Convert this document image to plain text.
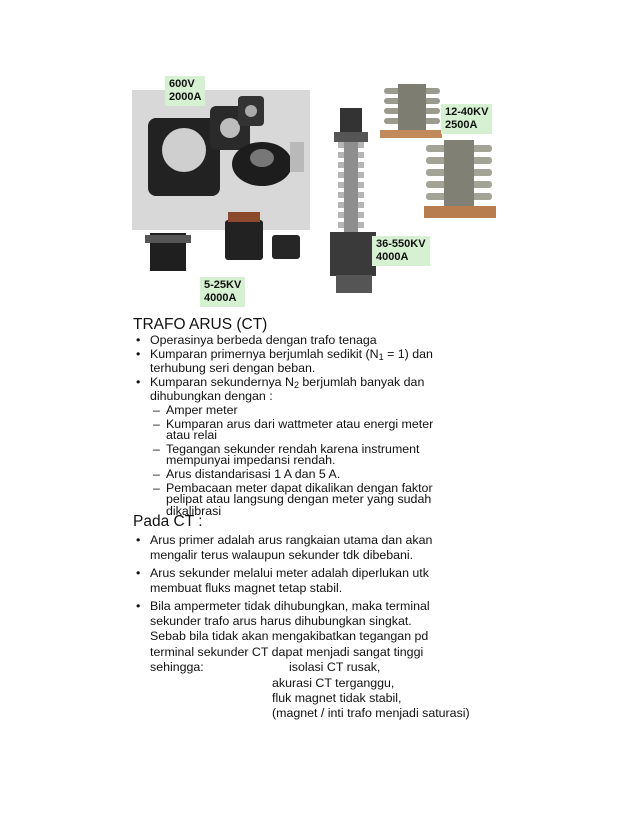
600V
2000A
12-40KV
2500A
36-550KV
4000A
5-25KV
4000A
TRAFO ARUS (CT)
• Operasinya berbeda dengan trafo tenaga
• Kumparan primernya berjumlah sedikit $(N_1 = 1)$ dan
terhubung seri dengan beban.
• Kumparan sekundernya $N_2$ berjumlah banyak dan
dihubungkan dengan :
– Amper meter
– Kumparan arus dari wattmeter atau energi meter
atau relai
– Tegangan sekunder rendah karena instrument
mempunyai impedansi rendah.
– Arus distandarisasi 1 A dan 5 A.
– Pembacaan meter dapat dikalikan dengan faktor
pelipat atau langsung dengan meter yang sudah
dikalibrasi
Pada CT :
• Arus primer adalah arus rangkaian utama dan akan
mengalir terus walaupun sekunder tdk dibebani.
• Arus sekunder melalui meter adalah diperlukan utk
membuat fluks magnet tetap stabil.
• Bila ampermeter tidak dihubungkan, maka terminal
sekunder trafo arus harus dihubungkan singkat.
Sebab bila tidak akan mengakibatkan tegangan pd
terminal sekunder CT dapat menjadi sangat tinggi
sehingga:	isolasi CT rusak,
akurasi CT terganggu,
fluk magnet tidak stabil,
(magnet / inti trafo menjadi saturasi)
